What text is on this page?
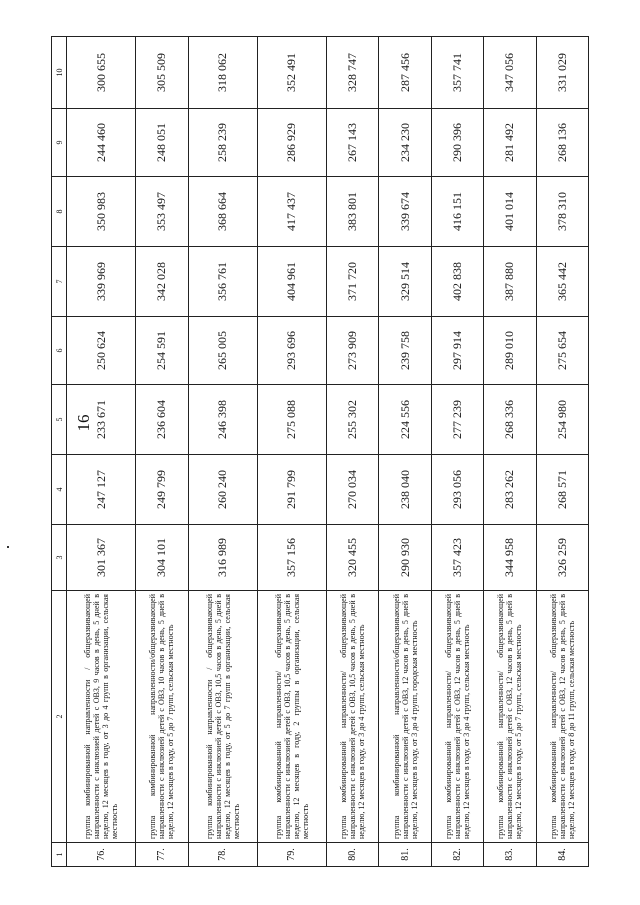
16
1	2	3	4	5	6	7	8	9	10
76.	группа комбинированной направленности / общеразвивающей направленности с инклюзией детей с ОВЗ, 9 часов в день, 5 дней в неделю, 12 месяцев в году, от 3 до 4 групп в организации, сельская местность	301 367	247 127	233 671	250 624	339 969	350 983	244 460	300 655
77.	группа комбинированной направленности/общеразвивающей направленности с инклюзией детей с ОВЗ, 10 часов в день, 5 дней в неделю, 12 месяцев в году, от 5 до 7 групп, сельская местность	304 101	249 799	236 604	254 591	342 028	353 497	248 051	305 509
78.	группа комбинированной направленности / общеразвивающей направленности с инклюзией детей с ОВЗ, 10,5 часов в день, 5 дней в неделю, 12 месяцев в году, от 5 до 7 групп в организации, сельская местность	316 989	260 240	246 398	265 005	356 761	368 664	258 239	318 062
79.	группа комбинированной направленности/ общеразвивающей направленности с инклюзией детей с ОВЗ, 10,5 часов в день, 5 дней в неделю, 12 месяцев в году, 2 группы в организации, сельская местность	357 156	291 799	275 088	293 696	404 961	417 437	286 929	352 491
80.	группа комбинированной направленности/ общеразвивающей направленности с инклюзией детей с ОВЗ, 10,5 часов в день, 5 дней в неделю, 12 месяцев в году, от 3 до 4 групп, сельская местность	320 455	270 034	255 302	273 909	371 720	383 801	267 143	328 747
81.	группа комбинированной направленности/общеразвивающей направленности с инклюзией детей с ОВЗ, 12 часов в день, 5 дней в неделю, 12 месяцев в году, от 3 до 4 групп, городская местность	290 930	238 040	224 556	239 758	329 514	339 674	234 230	287 456
82.	группа комбинированной направленности/ общеразвивающей направленности с инклюзией детей с ОВЗ, 12 часов в день, 5 дней в неделю, 12 месяцев в году, от 3 до 4 групп, сельская местность	357 423	293 056	277 239	297 914	402 838	416 151	290 396	357 741
83.	группа комбинированной направленности/ общеразвивающей направленности с инклюзией детей с ОВЗ, 12 часов в день, 5 дней в неделю, 12 месяцев в году, от 5 до 7 групп, сельская местность	344 958	283 262	268 336	289 010	387 880	401 014	281 492	347 056
84.	группа комбинированной направленности/ общеразвивающей направленности с инклюзией детей с ОВЗ, 12 часов в день, 5 дней в неделю, 12 месяцев в году, от 8 до 11 групп, сельская местность	326 259	268 571	254 980	275 654	365 442	378 310	268 136	331 029
